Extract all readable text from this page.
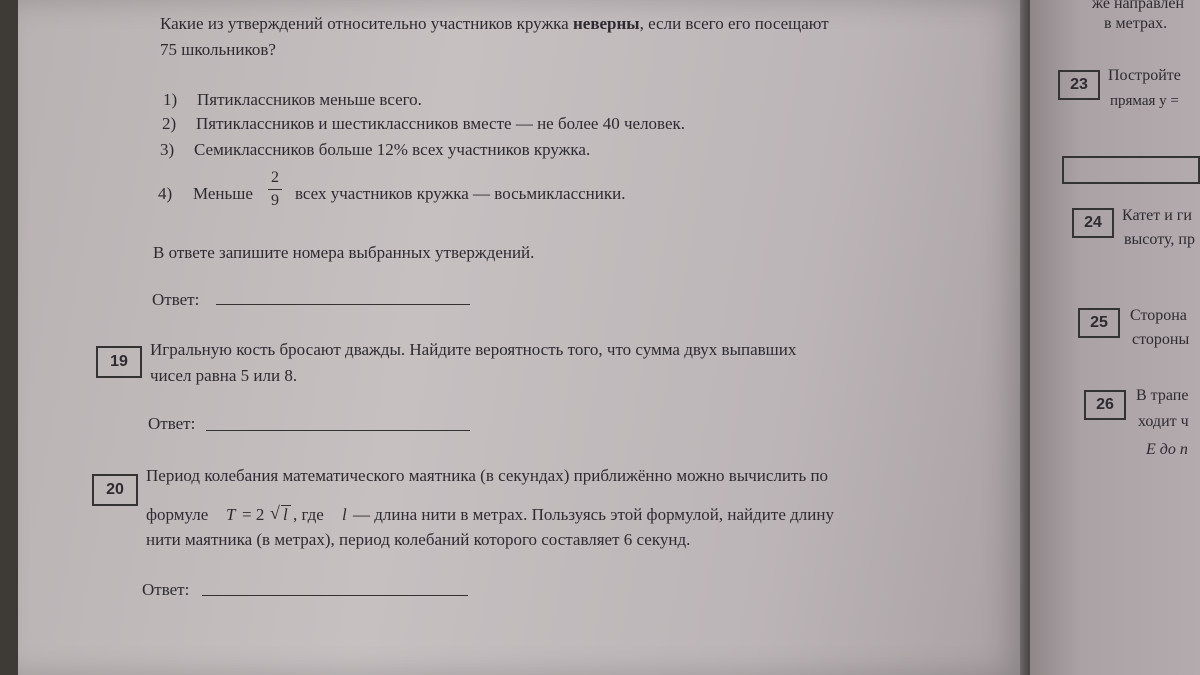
Какие из утверждений относительно участников кружка неверны, если всего его посещают
75 школьников?
1) Пятиклассников меньше всего.
2) Пятиклассников и шестиклассников вместе — не более 40 человек.
3) Семиклассников больше 12% всех участников кружка.
4) Меньше
2
9 всех участников кружка — восьмиклассники.
В ответе запишите номера выбранных утверждений.
Ответ:
19
Игральную кость бросают дважды. Найдите вероятность того, что сумма двух выпавших
чисел равна 5 или 8.
Ответ:
20
Период колебания математического маятника (в секундах) приближённо можно вычислить по
формуле T = 2 √ l , где l — длина нити в метрах. Пользуясь этой формулой, найдите длину
нити маятника (в метрах), период колебаний которого составляет 6 секунд.
Ответ:
же направлен
в метрах.
23
Постройте
прямая y =
24	Катет и ги
высоту, пр
25	Сторона
стороны
26
В трапе
ходит ч
E до п
